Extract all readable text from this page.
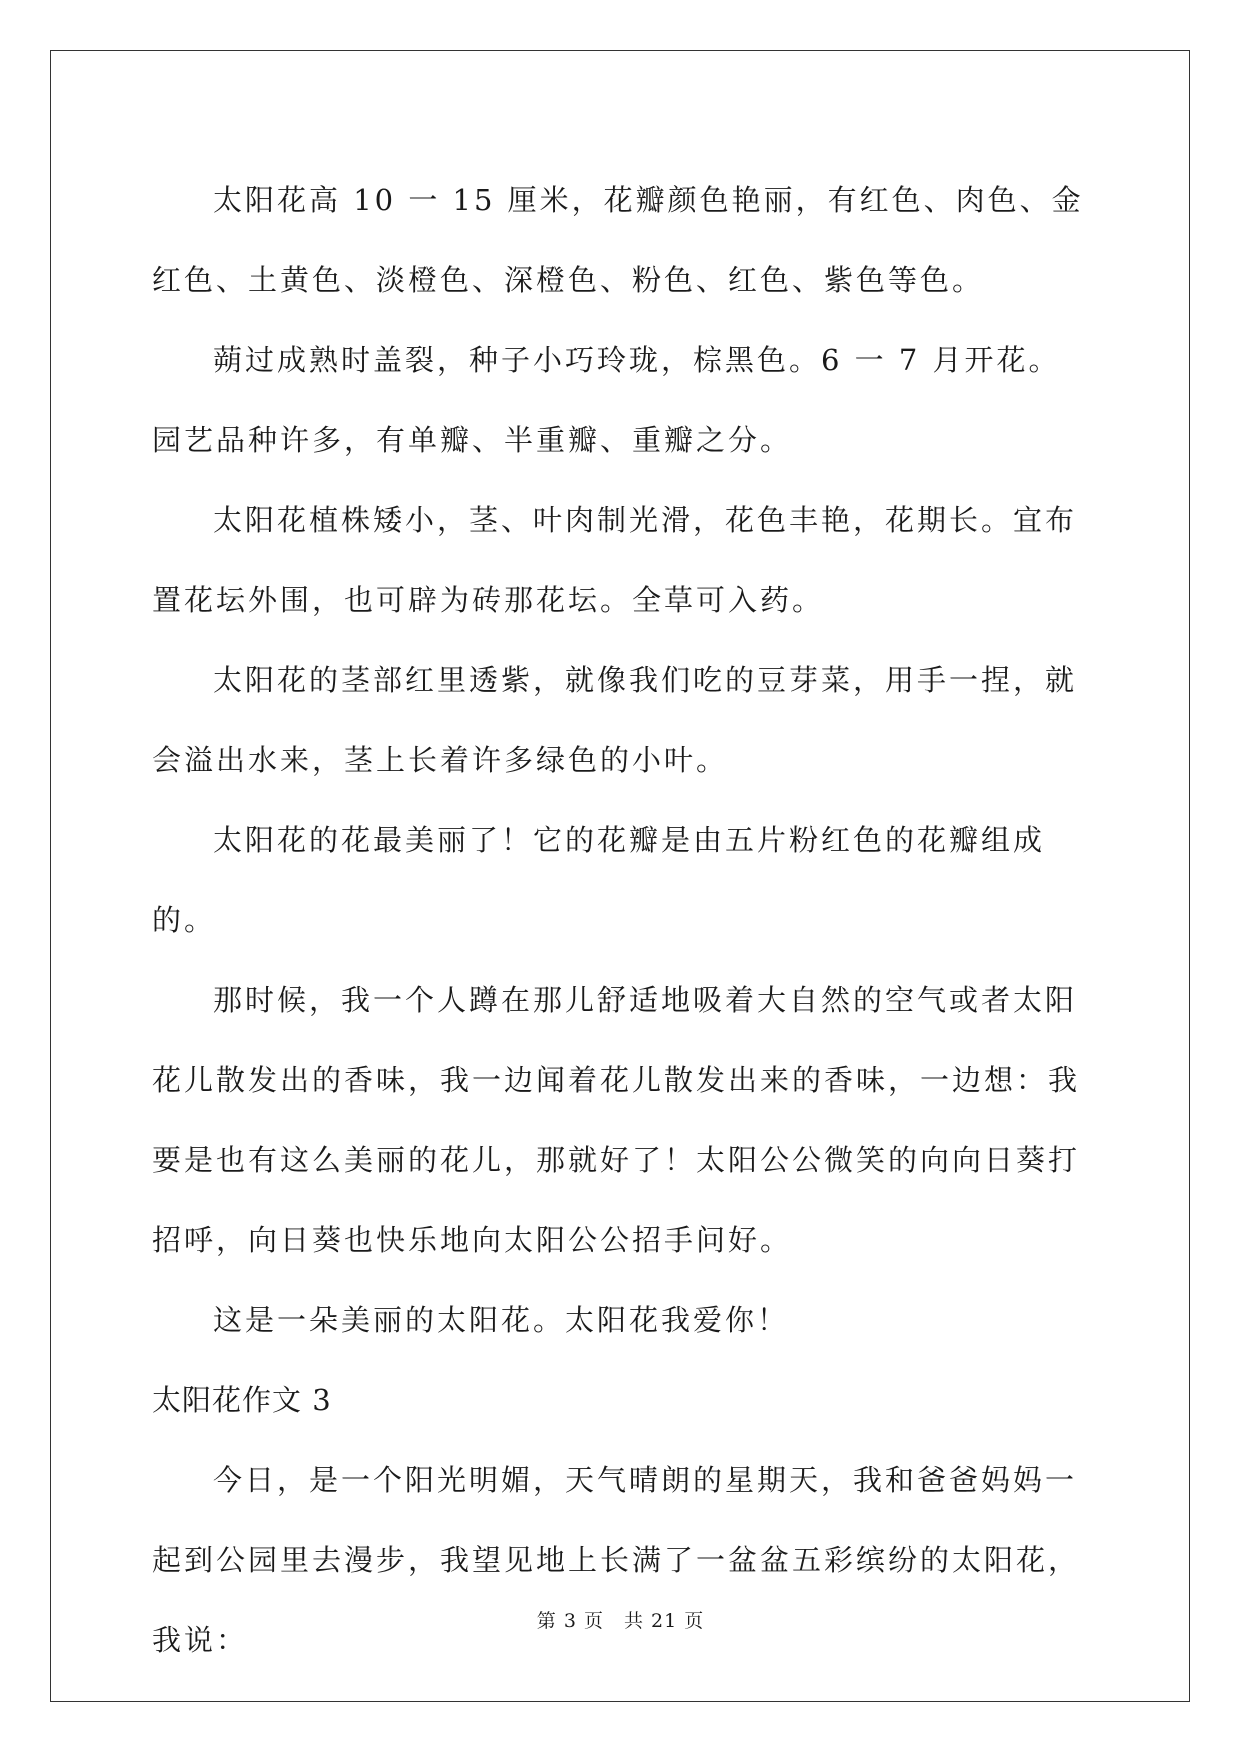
太阳花高 10 一 15 厘米，花瓣颜色艳丽，有红色、肉色、金红色、土黄色、淡橙色、深橙色、粉色、红色、紫色等色。

蒴过成熟时盖裂，种子小巧玲珑，棕黑色。6 一 7 月开花。园艺品种许多，有单瓣、半重瓣、重瓣之分。

太阳花植株矮小，茎、叶肉制光滑，花色丰艳，花期长。宜布置花坛外围，也可辟为砖那花坛。全草可入药。

太阳花的茎部红里透紫，就像我们吃的豆芽菜，用手一捏，就会溢出水来，茎上长着许多绿色的小叶。

太阳花的花最美丽了！它的花瓣是由五片粉红色的花瓣组成的。

那时候，我一个人蹲在那儿舒适地吸着大自然的空气或者太阳花儿散发出的香味，我一边闻着花儿散发出来的香味，一边想：我要是也有这么美丽的花儿，那就好了！太阳公公微笑的向向日葵打招呼，向日葵也快乐地向太阳公公招手问好。

这是一朵美丽的太阳花。太阳花我爱你！

太阳花作文 3

今日，是一个阳光明媚，天气晴朗的星期天，我和爸爸妈妈一起到公园里去漫步，我望见地上长满了一盆盆五彩缤纷的太阳花，我说：

第 3 页　共 21 页
